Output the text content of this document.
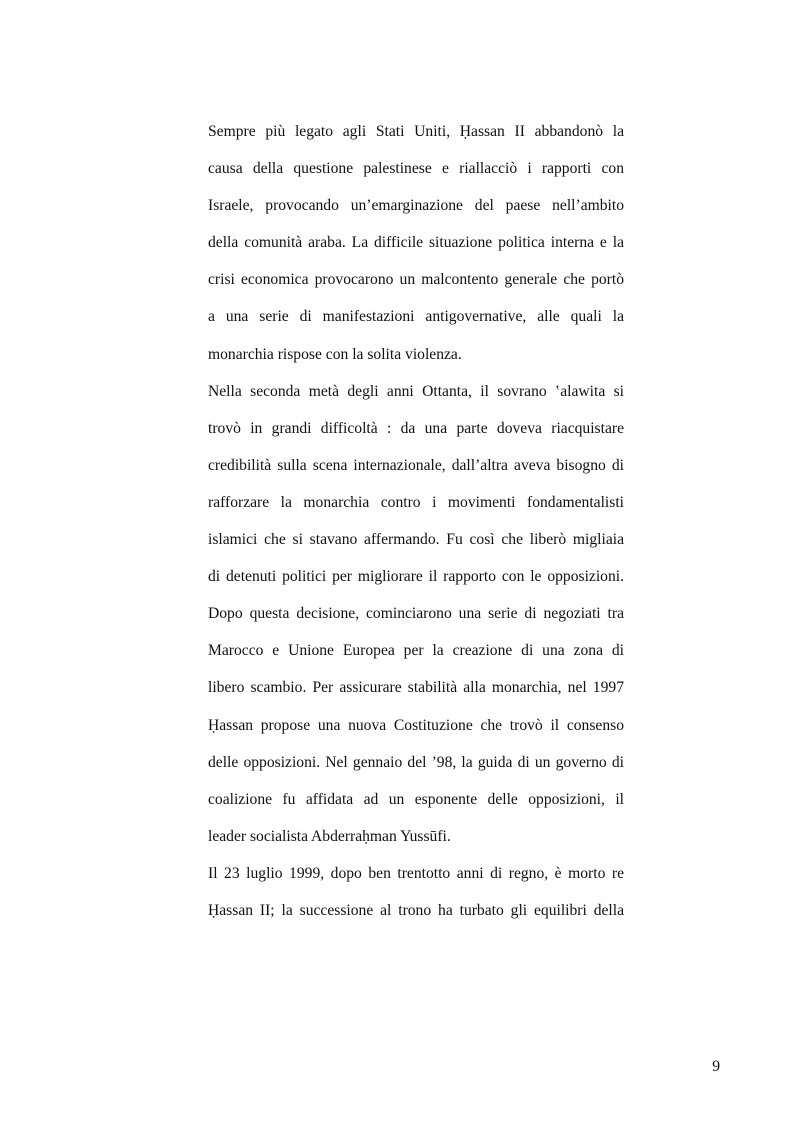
Sempre più legato agli Stati Uniti, Ḥassan II abbandonò la
causa della questione palestinese e riallacciò i rapporti con
Israele, provocando un’emarginazione del paese nell’ambito
della comunità araba. La difficile situazione politica interna e la
crisi economica provocarono un malcontento generale che portò
a una serie di manifestazioni antigovernative, alle quali la
monarchia rispose con la solita violenza.
Nella seconda metà degli anni Ottanta, il sovrano ‛alawita si
trovò in grandi difficoltà : da una parte doveva riacquistare
credibilità sulla scena internazionale, dall’altra aveva bisogno di
rafforzare la monarchia contro i movimenti fondamentalisti
islamici che si stavano affermando. Fu così che liberò migliaia
di detenuti politici per migliorare il rapporto con le opposizioni.
Dopo questa decisione, cominciarono una serie di negoziati tra
Marocco e Unione Europea per la creazione di una zona di
libero scambio. Per assicurare stabilità alla monarchia, nel 1997
Ḥassan propose una nuova Costituzione che trovò il consenso
delle opposizioni. Nel gennaio del ’98, la guida di un governo di
coalizione fu affidata ad un esponente delle opposizioni, il
leader socialista Abderraḥman Yussūfi.
Il 23 luglio 1999, dopo ben trentotto anni di regno, è morto re
Ḥassan II; la successione al trono ha turbato gli equilibri della
9
